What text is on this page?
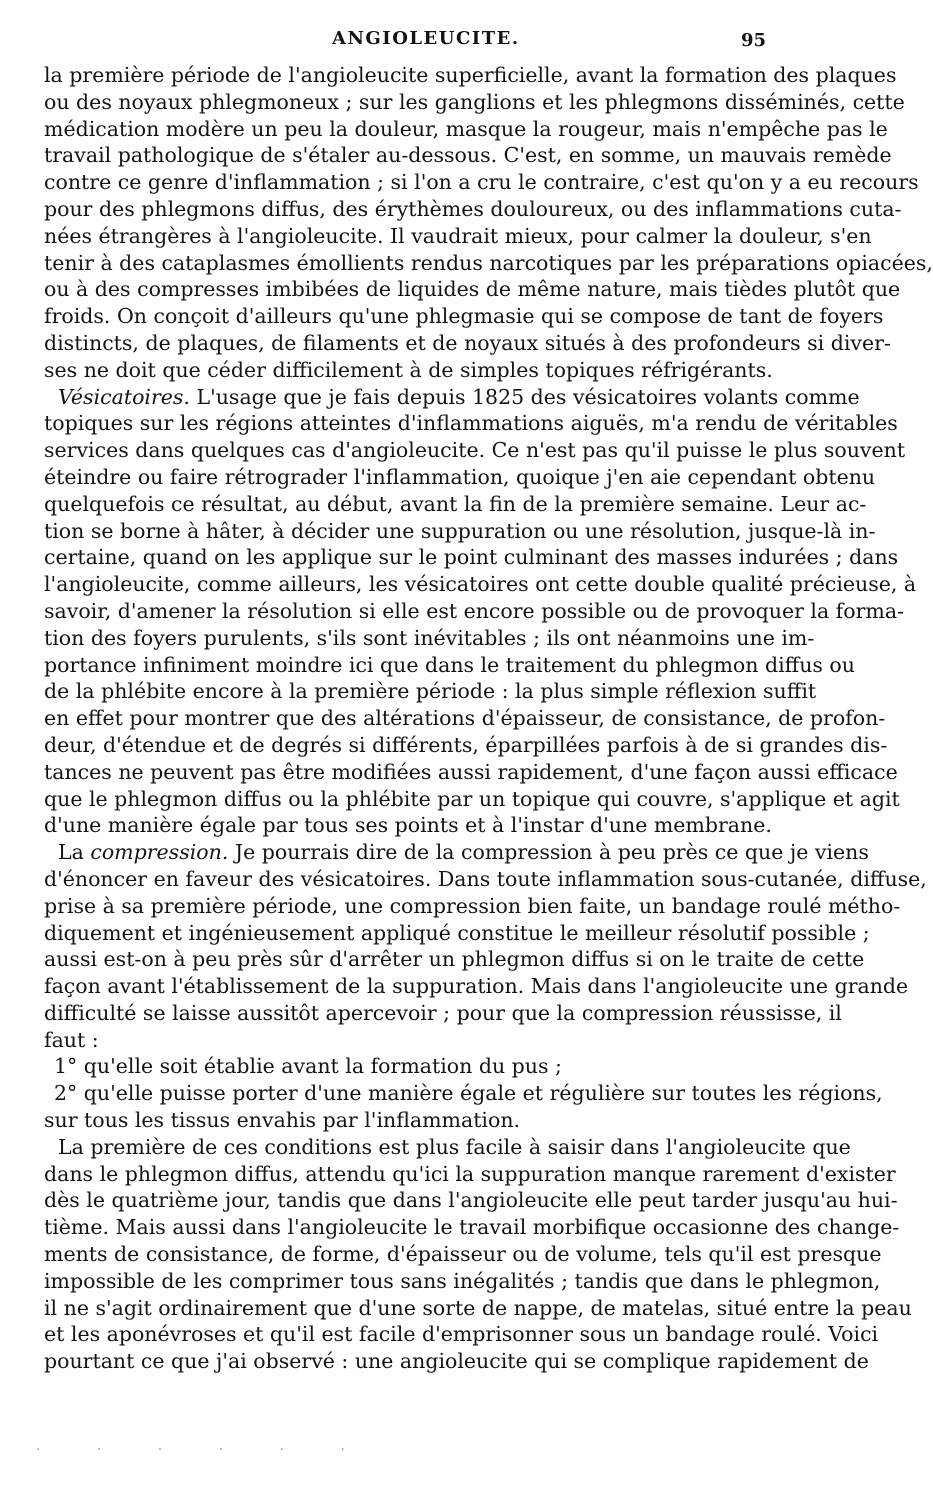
ANGIOLEUCITE.	95
la première période de l'angioleucite superficielle, avant la formation des plaques
ou des noyaux phlegmoneux ; sur les ganglions et les phlegmons disséminés, cette
médication modère un peu la douleur, masque la rougeur, mais n'empêche pas le
travail pathologique de s'étaler au-dessous. C'est, en somme, un mauvais remède
contre ce genre d'inflammation ; si l'on a cru le contraire, c'est qu'on y a eu recours
pour des phlegmons diffus, des érythèmes douloureux, ou des inflammations cuta-
nées étrangères à l'angioleucite. Il vaudrait mieux, pour calmer la douleur, s'en
tenir à des cataplasmes émollients rendus narcotiques par les préparations opiacées,
ou à des compresses imbibées de liquides de même nature, mais tièdes plutôt que
froids. On conçoit d'ailleurs qu'une phlegmasie qui se compose de tant de foyers
distincts, de plaques, de filaments et de noyaux situés à des profondeurs si diver-
ses ne doit que céder difficilement à de simples topiques réfrigérants.
Vésicatoires. L'usage que je fais depuis 1825 des vésicatoires volants comme
topiques sur les régions atteintes d'inflammations aiguës, m'a rendu de véritables
services dans quelques cas d'angioleucite. Ce n'est pas qu'il puisse le plus souvent
éteindre ou faire rétrograder l'inflammation, quoique j'en aie cependant obtenu
quelquefois ce résultat, au début, avant la fin de la première semaine. Leur ac-
tion se borne à hâter, à décider une suppuration ou une résolution, jusque-là in-
certaine, quand on les applique sur le point culminant des masses indurées ; dans
l'angioleucite, comme ailleurs, les vésicatoires ont cette double qualité précieuse, à
savoir, d'amener la résolution si elle est encore possible ou de provoquer la forma-
tion des foyers purulents, s'ils sont inévitables ; ils ont néanmoins une im-
portance infiniment moindre ici que dans le traitement du phlegmon diffus ou
de la phlébite encore à la première période : la plus simple réflexion suffit
en effet pour montrer que des altérations d'épaisseur, de consistance, de profon-
deur, d'étendue et de degrés si différents, éparpillées parfois à de si grandes dis-
tances ne peuvent pas être modifiées aussi rapidement, d'une façon aussi efficace
que le phlegmon diffus ou la phlébite par un topique qui couvre, s'applique et agit
d'une manière égale par tous ses points et à l'instar d'une membrane.
La compression. Je pourrais dire de la compression à peu près ce que je viens
d'énoncer en faveur des vésicatoires. Dans toute inflammation sous-cutanée, diffuse,
prise à sa première période, une compression bien faite, un bandage roulé métho-
diquement et ingénieusement appliqué constitue le meilleur résolutif possible ;
aussi est-on à peu près sûr d'arrêter un phlegmon diffus si on le traite de cette
façon avant l'établissement de la suppuration. Mais dans l'angioleucite une grande
difficulté se laisse aussitôt apercevoir ; pour que la compression réussisse, il
faut :
1° qu'elle soit établie avant la formation du pus ;
2° qu'elle puisse porter d'une manière égale et régulière sur toutes les régions,
sur tous les tissus envahis par l'inflammation.
La première de ces conditions est plus facile à saisir dans l'angioleucite que
dans le phlegmon diffus, attendu qu'ici la suppuration manque rarement d'exister
dès le quatrième jour, tandis que dans l'angioleucite elle peut tarder jusqu'au hui-
tième. Mais aussi dans l'angioleucite le travail morbifique occasionne des change-
ments de consistance, de forme, d'épaisseur ou de volume, tels qu'il est presque
impossible de les comprimer tous sans inégalités ; tandis que dans le phlegmon,
il ne s'agit ordinairement que d'une sorte de nappe, de matelas, situé entre la peau
et les aponévroses et qu'il est facile d'emprisonner sous un bandage roulé. Voici
pourtant ce que j'ai observé : une angioleucite qui se complique rapidement de
· · · · · ·
